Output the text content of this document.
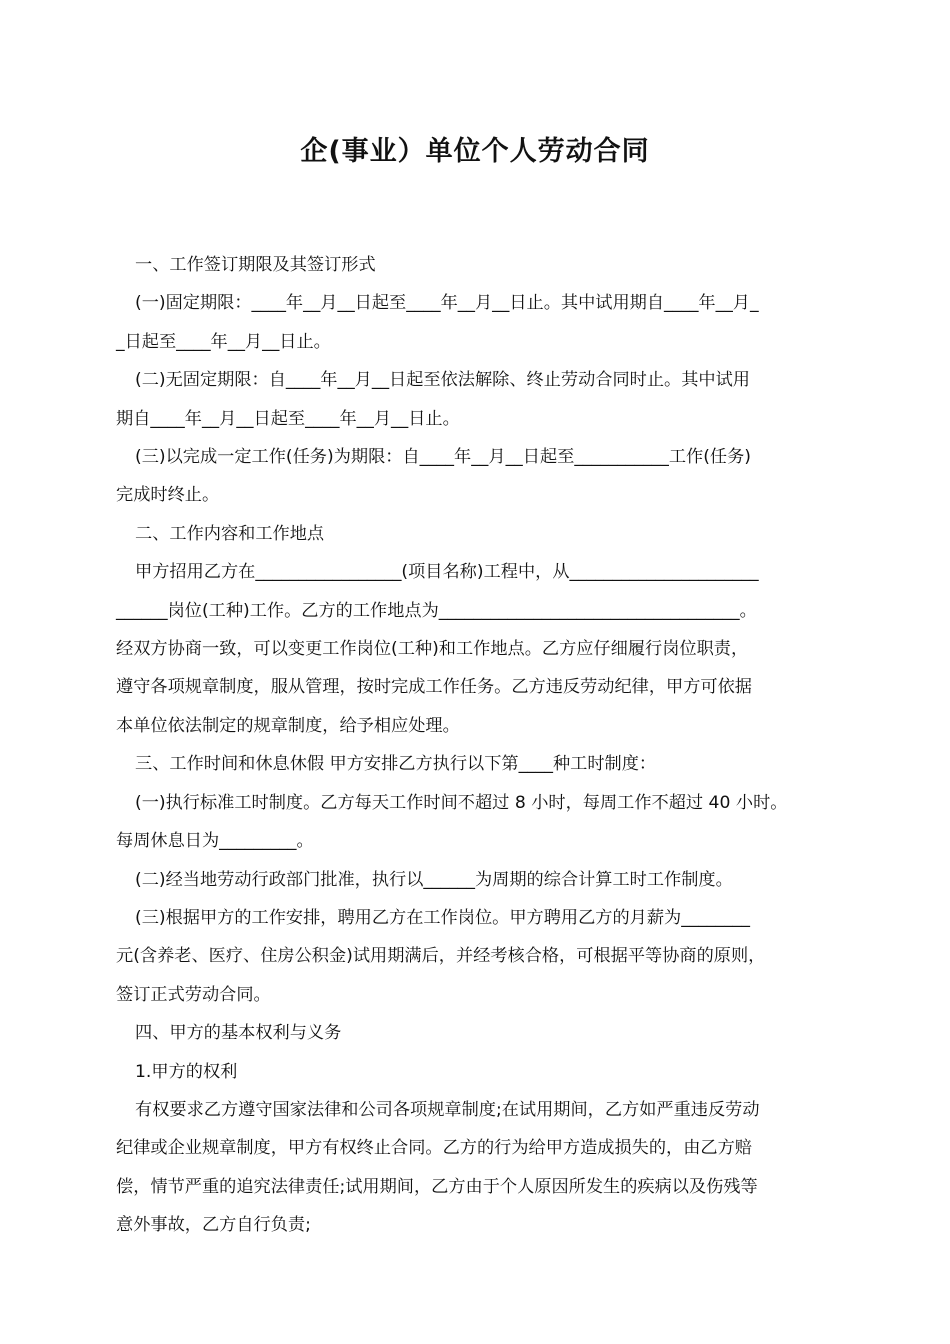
企(事业）单位个人劳动合同

一、工作签订期限及其签订形式

(一)固定期限：____年__月__日起至____年__月__日止。其中试用期自____年__月_

_日起至____年__月__日止。

(二)无固定期限：自____年__月__日起至依法解除、终止劳动合同时止。其中试用

期自____年__月__日起至____年__月__日止。

(三)以完成一定工作(任务)为期限：自____年__月__日起至___________工作(任务)

完成时终止。

二、工作内容和工作地点

甲方招用乙方在_________________(项目名称)工程中，从______________________

______岗位(工种)工作。乙方的工作地点为___________________________________。

经双方协商一致，可以变更工作岗位(工种)和工作地点。乙方应仔细履行岗位职责，

遵守各项规章制度，服从管理，按时完成工作任务。乙方违反劳动纪律，甲方可依据

本单位依法制定的规章制度，给予相应处理。

三、工作时间和休息休假 甲方安排乙方执行以下第____种工时制度：

(一)执行标准工时制度。乙方每天工作时间不超过 8 小时，每周工作不超过 40 小时。

每周休息日为_________。

(二)经当地劳动行政部门批准，执行以______为周期的综合计算工时工作制度。

(三)根据甲方的工作安排，聘用乙方在工作岗位。甲方聘用乙方的月薪为________

元(含养老、医疗、住房公积金)试用期满后，并经考核合格，可根据平等协商的原则，

签订正式劳动合同。

四、甲方的基本权利与义务

1.甲方的权利

有权要求乙方遵守国家法律和公司各项规章制度;在试用期间，乙方如严重违反劳动

纪律或企业规章制度，甲方有权终止合同。乙方的行为给甲方造成损失的，由乙方赔

偿，情节严重的追究法律责任;试用期间，乙方由于个人原因所发生的疾病以及伤残等

意外事故，乙方自行负责;
